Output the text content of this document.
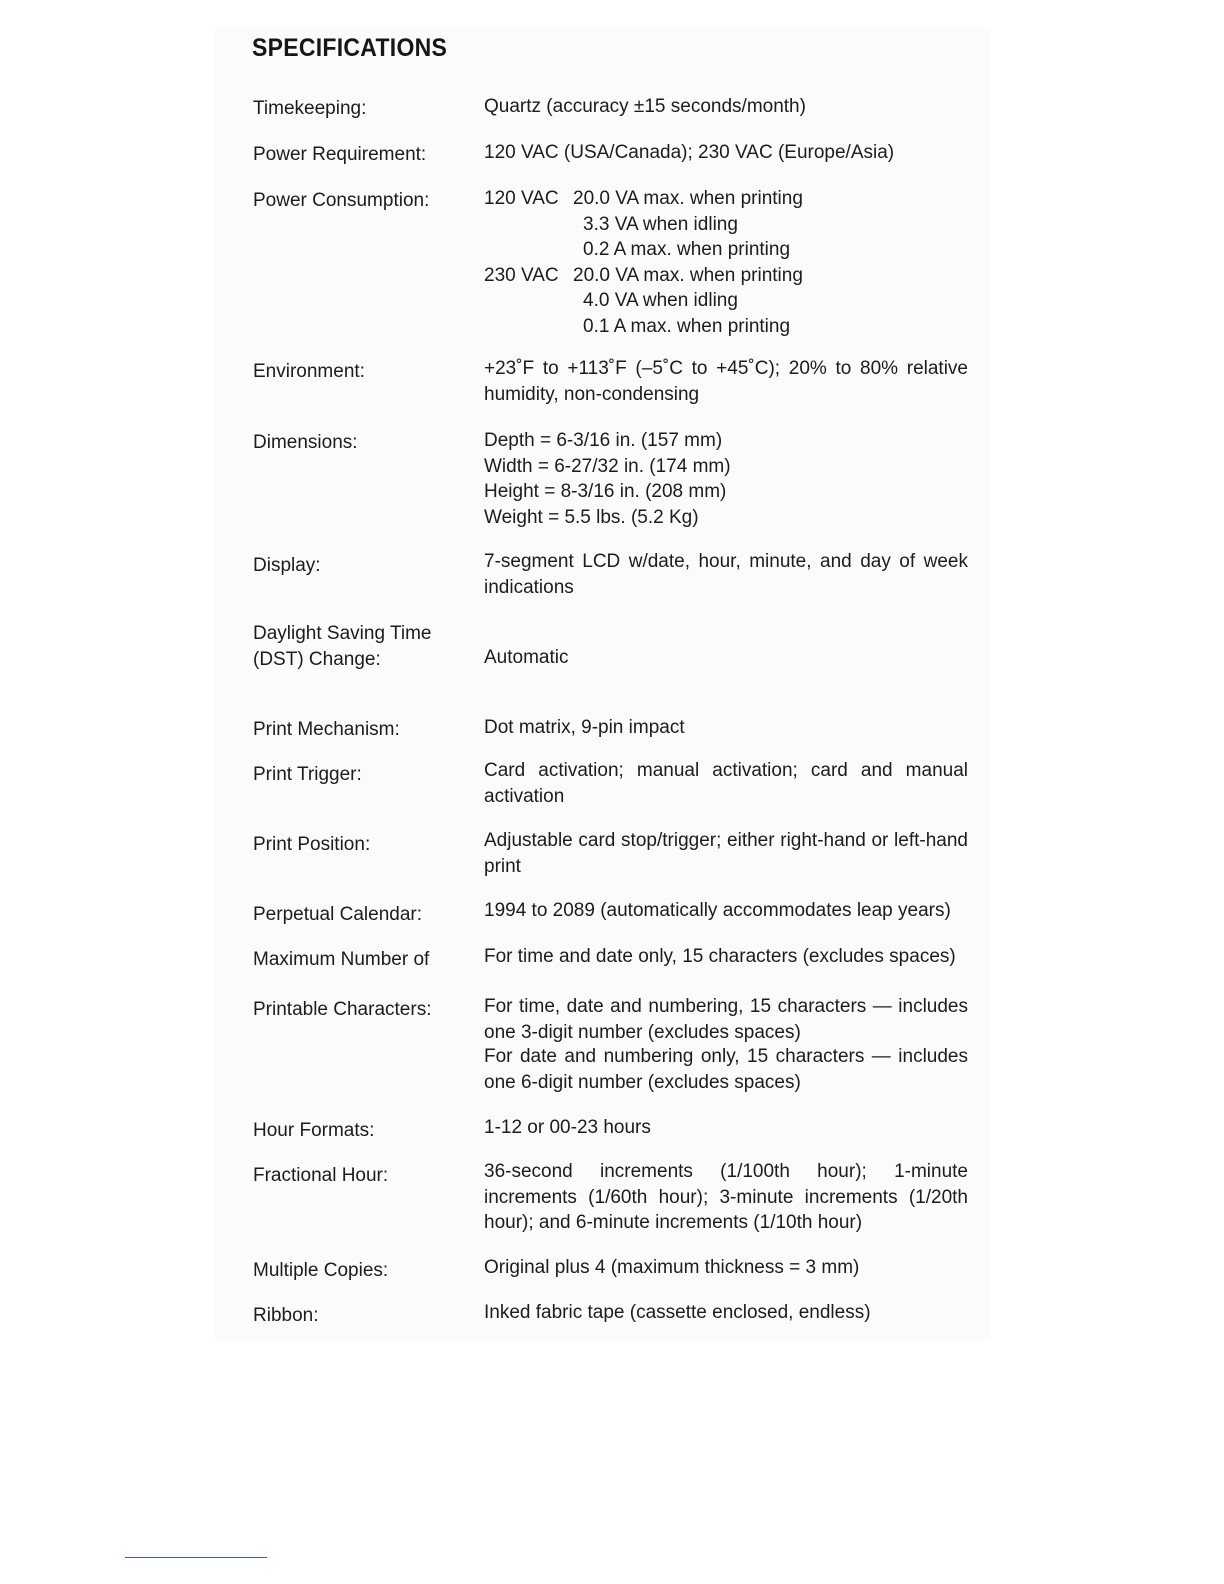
SPECIFICATIONS
Timekeeping:	Quartz (accuracy ±15 seconds/month)
Power Requirement:	120 VAC (USA/Canada); 230 VAC (Europe/Asia)
Power Consumption:	120 VAC 20.0 VA max. when printing
3.3 VA when idling
0.2 A max. when printing
230 VAC 20.0 VA max. when printing
4.0 VA when idling
0.1 A max. when printing
Environment:	+23˚F to +113˚F (–5˚C to +45˚C); 20% to 80% relative humidity, non-condensing
Dimensions:	Depth = 6-3/16 in. (157 mm)
Width = 6-27/32 in. (174 mm)
Height = 8-3/16 in. (208 mm)
Weight = 5.5 lbs. (5.2 Kg)
Display:	7-segment LCD w/date, hour, minute, and day of week indications
Daylight Saving Time
(DST) Change:	Automatic
Print Mechanism:	Dot matrix, 9-pin impact
Print Trigger:	Card activation; manual activation; card and manual activation
Print Position:	Adjustable card stop/trigger; either right-hand or left-hand print
Perpetual Calendar:	1994 to 2089 (automatically accommodates leap years)
Maximum Number of
Printable Characters:
For time and date only, 15 characters (excludes spaces)
For time, date and numbering, 15 characters — includes one 3-digit number (excludes spaces)
For date and numbering only, 15 characters — includes one 6-digit number (excludes spaces)
Hour Formats:	1-12 or 00-23 hours
Fractional Hour:	36-second increments (1/100th hour); 1-minute increments (1/60th hour); 3-minute increments (1/20th hour); and 6-minute increments (1/10th hour)
Multiple Copies:	Original plus 4 (maximum thickness = 3 mm)
Ribbon:	Inked fabric tape (cassette enclosed, endless)
